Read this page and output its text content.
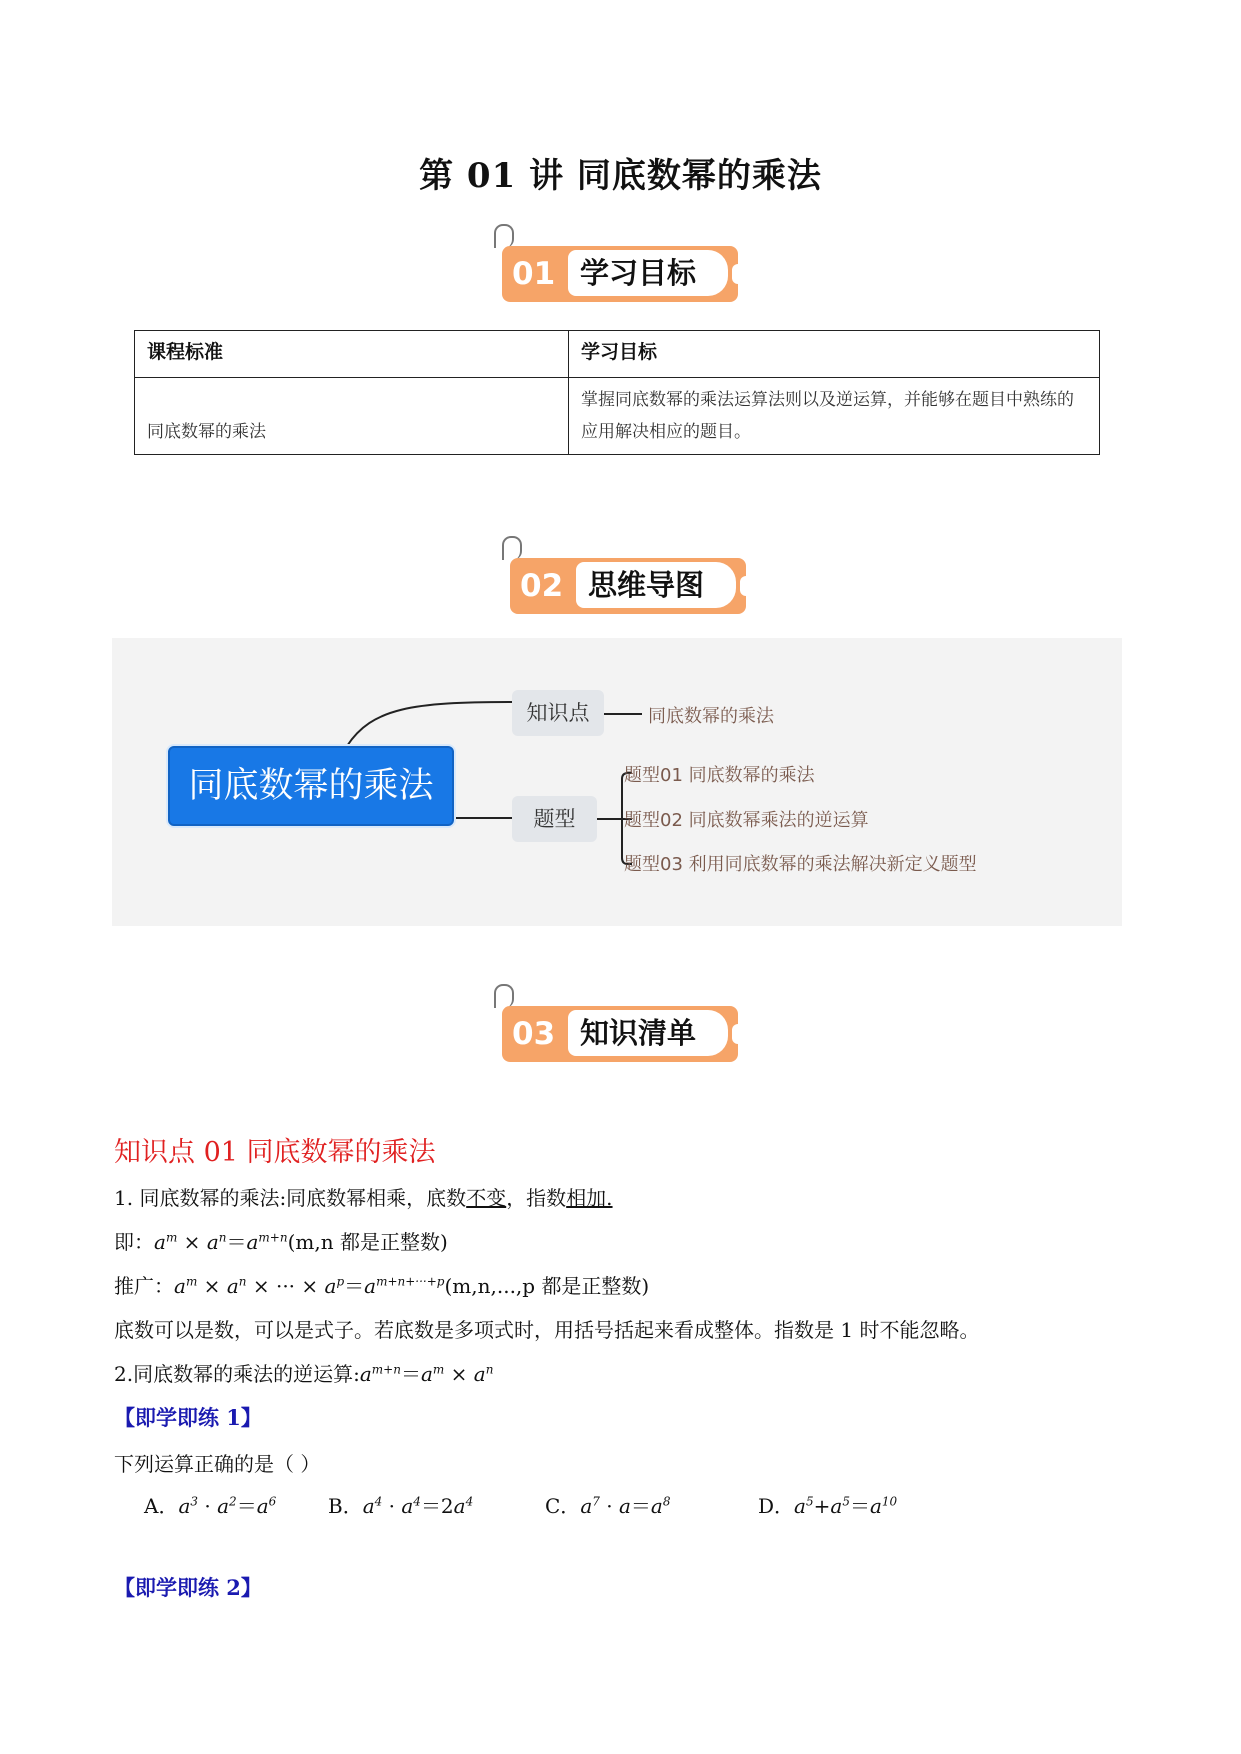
第 01 讲 同底数幂的乘法
01 学习目标
课程标准	学习目标
同底数幂的乘法	掌握同底数幂的乘法运算法则以及逆运算，并能够在题目中熟练的应用解决相应的题目。
02 思维导图
同底数幂的乘法
知识点	同底数幂的乘法
题型
题型01 同底数幂的乘法
题型02 同底数幂乘法的逆运算
题型03 利用同底数幂的乘法解决新定义题型
03 知识清单
知识点 01 同底数幂的乘法
1. 同底数幂的乘法:同底数幂相乘，底数不变，指数相加.
即：$a^m \times a^n=a^{m+n}(m,n$ 都是正整数)
推广：$a^m \times a^n$ × ··· × $a^p=a^{m+n+\cdot\cdot\cdot+p}(m,n,...,p$ 都是正整数)
底数可以是数，可以是式子。若底数是多项式时，用括号括起来看成整体。指数是 1 时不能忽略。
2.同底数幂的乘法的逆运算$:a^{m+n}=a^m \times a^n$
【即学即练 1】
下列运算正确的是（ ）
A．$a^3 \cdot a^2=a^6$	B．$a^4 \cdot a^4=2a^4$	C．$a^7 \cdot a=a^8$	D．$a^5+a^5=a^{10}$
【即学即练 2】
